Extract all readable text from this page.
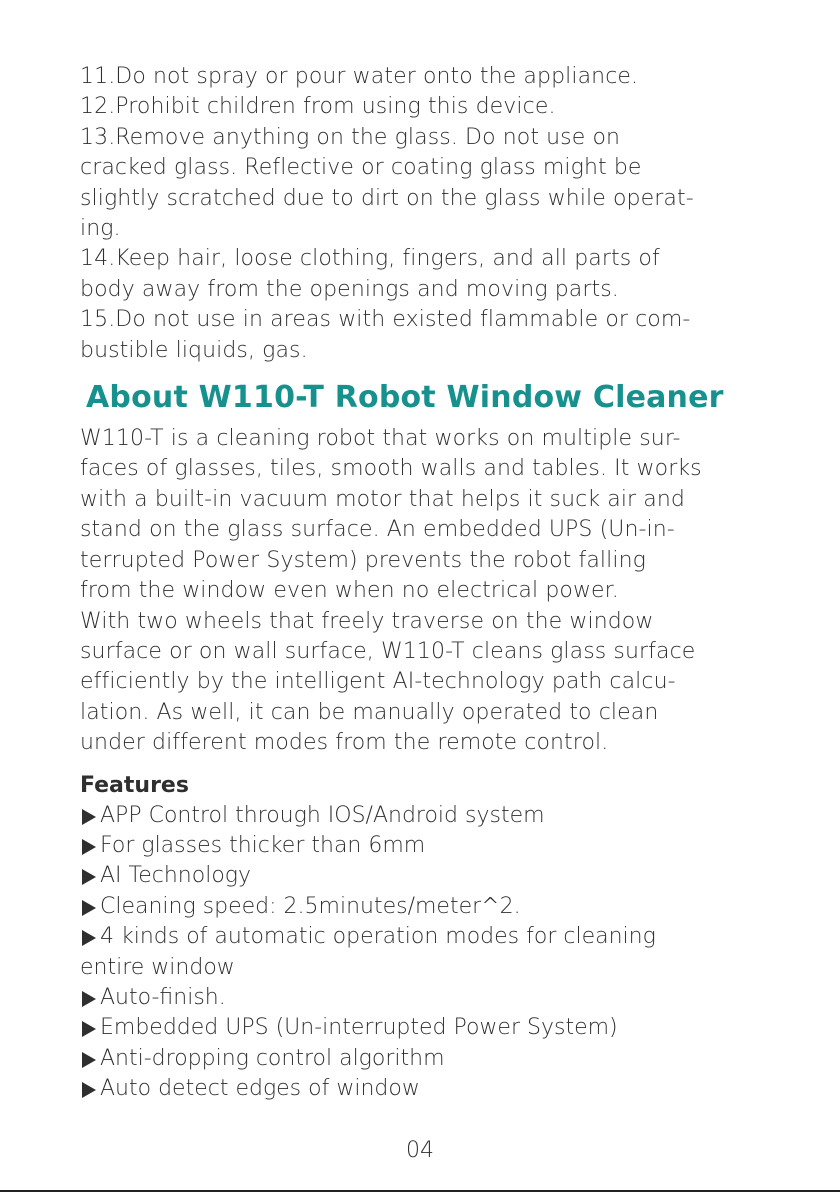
11.Do not spray or pour water onto the appliance.
12.Prohibit children from using this device.
13.Remove anything on the glass. Do not use on
cracked glass. Reflective or coating glass might be
slightly scratched due to dirt on the glass while operat-
ing.
14.Keep hair, loose clothing, fingers, and all parts of
body away from the openings and moving parts.
15.Do not use in areas with existed flammable or com-
bustible liquids, gas.

About W110-T Robot Window Cleaner

W110-T is a cleaning robot that works on multiple sur-
faces of glasses, tiles, smooth walls and tables. It works
with a built-in vacuum motor that helps it suck air and
stand on the glass surface. An embedded UPS (Un-in-
terrupted Power System) prevents the robot falling
from the window even when no electrical power.
With two wheels that freely traverse on the window
surface or on wall surface, W110-T cleans glass surface
efficiently by the intelligent AI-technology path calcu-
lation. As well, it can be manually operated to clean
under different modes from the remote control.

Features
APP Control through IOS/Android system
For glasses thicker than 6mm
AI Technology
Cleaning speed: 2.5minutes/meter^2.
4 kinds of automatic operation modes for cleaning
entire window
Auto-finish.
Embedded UPS (Un-interrupted Power System)
Anti-dropping control algorithm
Auto detect edges of window
04
